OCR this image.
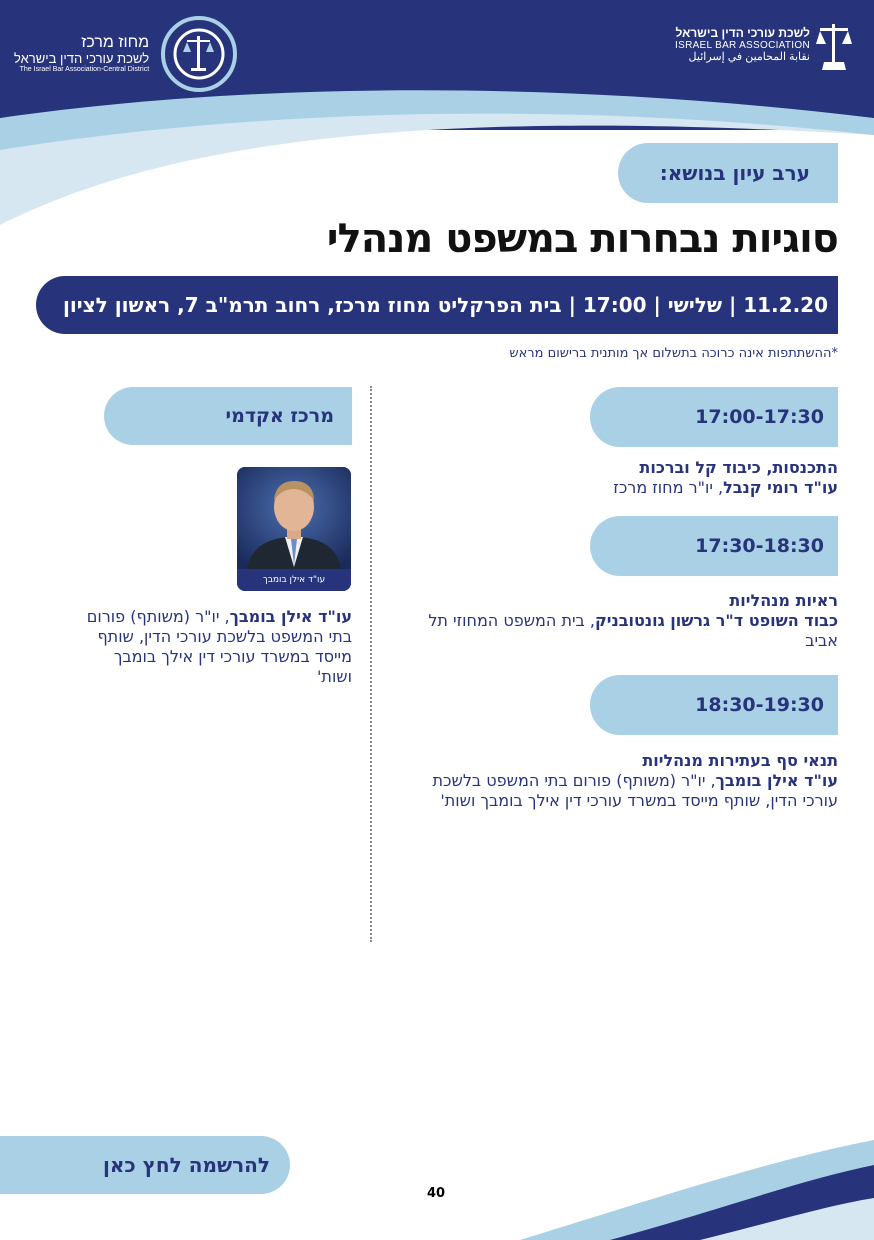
לשכת עורכי הדין בישראל
ISRAEL BAR ASSOCIATION
نقابة المحامين في إسرائيل
מחוז מרכז
לשכת עורכי הדין בישראל
The Israel Bar Association-Central District
ערב עיון בנושא:
סוגיות נבחרות במשפט מנהלי
11.2.20 | שלישי | 17:00 | בית הפרקליט מחוז מרכז, רחוב תרמ"ב 7, ראשון לציון
*ההשתתפות אינה כרוכה בתשלום אך מותנית ברישום מראש
17:00-17:30
התכנסות, כיבוד קל וברכות
עו"ד רומי קנבל, יו"ר מחוז מרכז
17:30-18:30
ראיות מנהליות
כבוד השופט ד"ר גרשון גונטובניק, בית המשפט המחוזי תל אביב
18:30-19:30
תנאי סף בעתירות מנהליות
עו"ד אילן בומבך, יו"ר (משותף) פורום בתי המשפט בלשכת עורכי הדין, שותף מייסד במשרד עורכי דין אילך בומבך ושות'
מרכז אקדמי
עו"ד אילן בומבך
עו"ד אילן בומבך, יו"ר (משותף) פורום בתי המשפט בלשכת עורכי הדין, שותף מייסד במשרד עורכי דין אילך בומבך ושות'
להרשמה לחץ כאן
40
